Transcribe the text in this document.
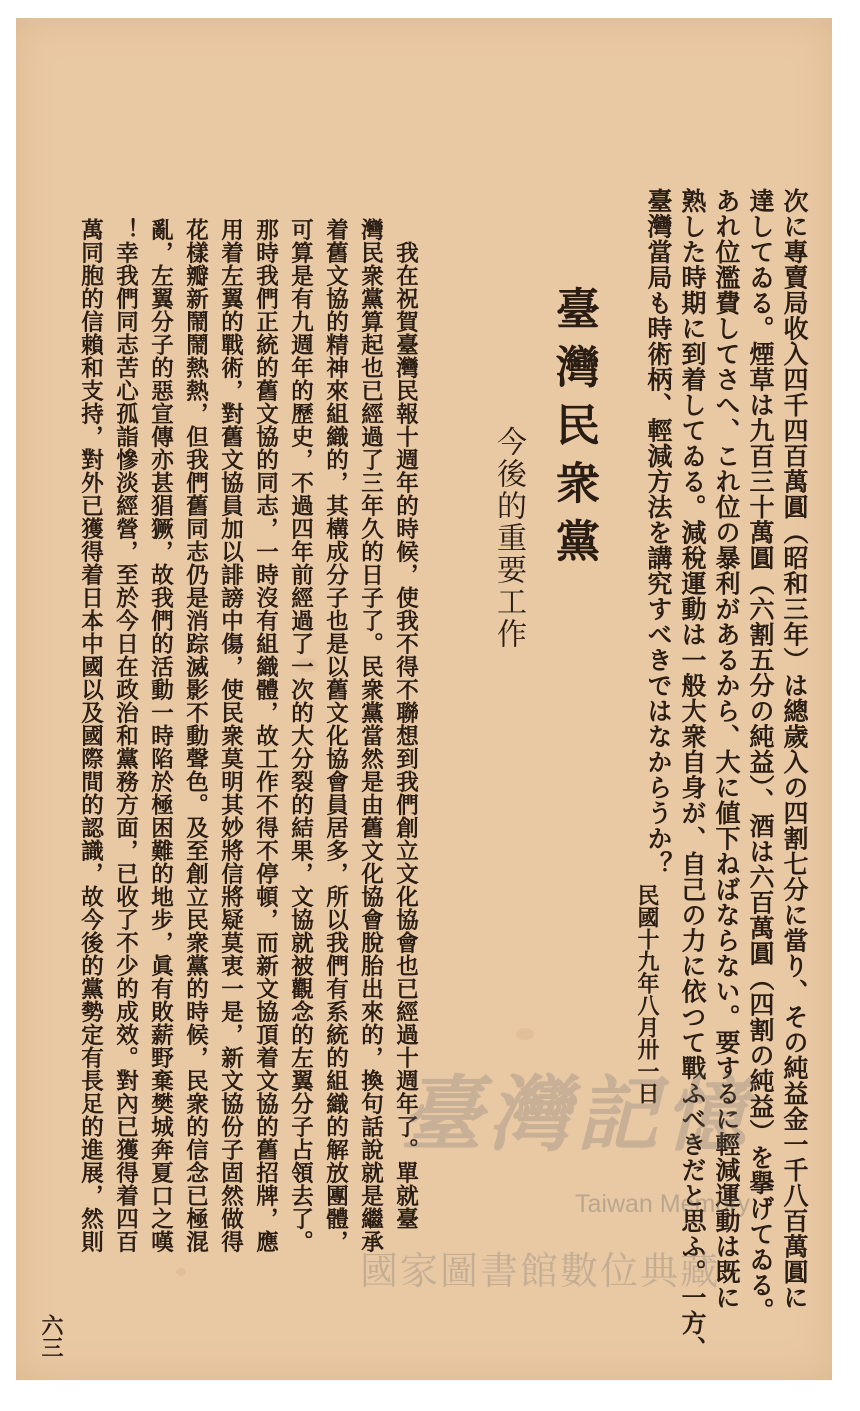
次に專賣局收入四千四百萬圓（昭和三年）は總歲入の四割七分に當り、その純益金一千八百萬圓に
達してゐる。煙草は九百三十萬圓（六割五分の純益）、酒は六百萬圓（四割の純益）を擧げてゐる。
あれ位濫費してさへ、これ位の暴利があるから、大に値下ねばならない。要するに輕減運動は既に
熟した時期に到着してゐる。減稅運動は一般大衆自身が、自己の力に依つて戰ふべきだと思ふ。一方、
臺灣當局も時術柄、輕減方法を講究すべきではなからうか？
民國十九年八月卅一日
臺灣民衆黨
今後的重要工作
　我在祝賀臺灣民報十週年的時候，使我不得不聯想到我們創立文化協會也已經過十週年了。單就臺
灣民衆黨算起也已經過了三年久的日子了。民衆黨當然是由舊文化協會脫胎出來的，換句話說就是繼承
着舊文協的精神來組織的，其構成分子也是以舊文化協會員居多，所以我們有系統的組織的解放團體，
可算是有九週年的歷史，不過四年前經過了一次的大分裂的結果，文協就被觀念的左翼分子占領去了。
那時我們正統的舊文協的同志，一時沒有組織體，故工作不得不停頓，而新文協頂着文協的舊招牌，應
用着左翼的戰術，對舊文協員加以誹謗中傷，使民衆莫明其妙將信將疑莫衷一是，新文協份子固然做得
花樣瓣新鬧鬧熱熱，但我們舊同志仍是消踪滅影不動聲色。及至創立民衆黨的時候，民衆的信念已極混
亂，左翼分子的惡宣傳亦甚猖獗，故我們的活動一時陷於極困難的地步，眞有敗薪野棄樊城奔夏口之嘆
！幸我們同志苦心孤詣慘淡經營，至於今日在政治和黨務方面，已收了不少的成效。對內已獲得着四百
萬同胞的信賴和支持，對外已獲得着日本中國以及國際間的認識，故今後的黨勢定有長足的進展，然則
六三
臺灣記憶
Taiwan Memory
國家圖書館數位典藏
